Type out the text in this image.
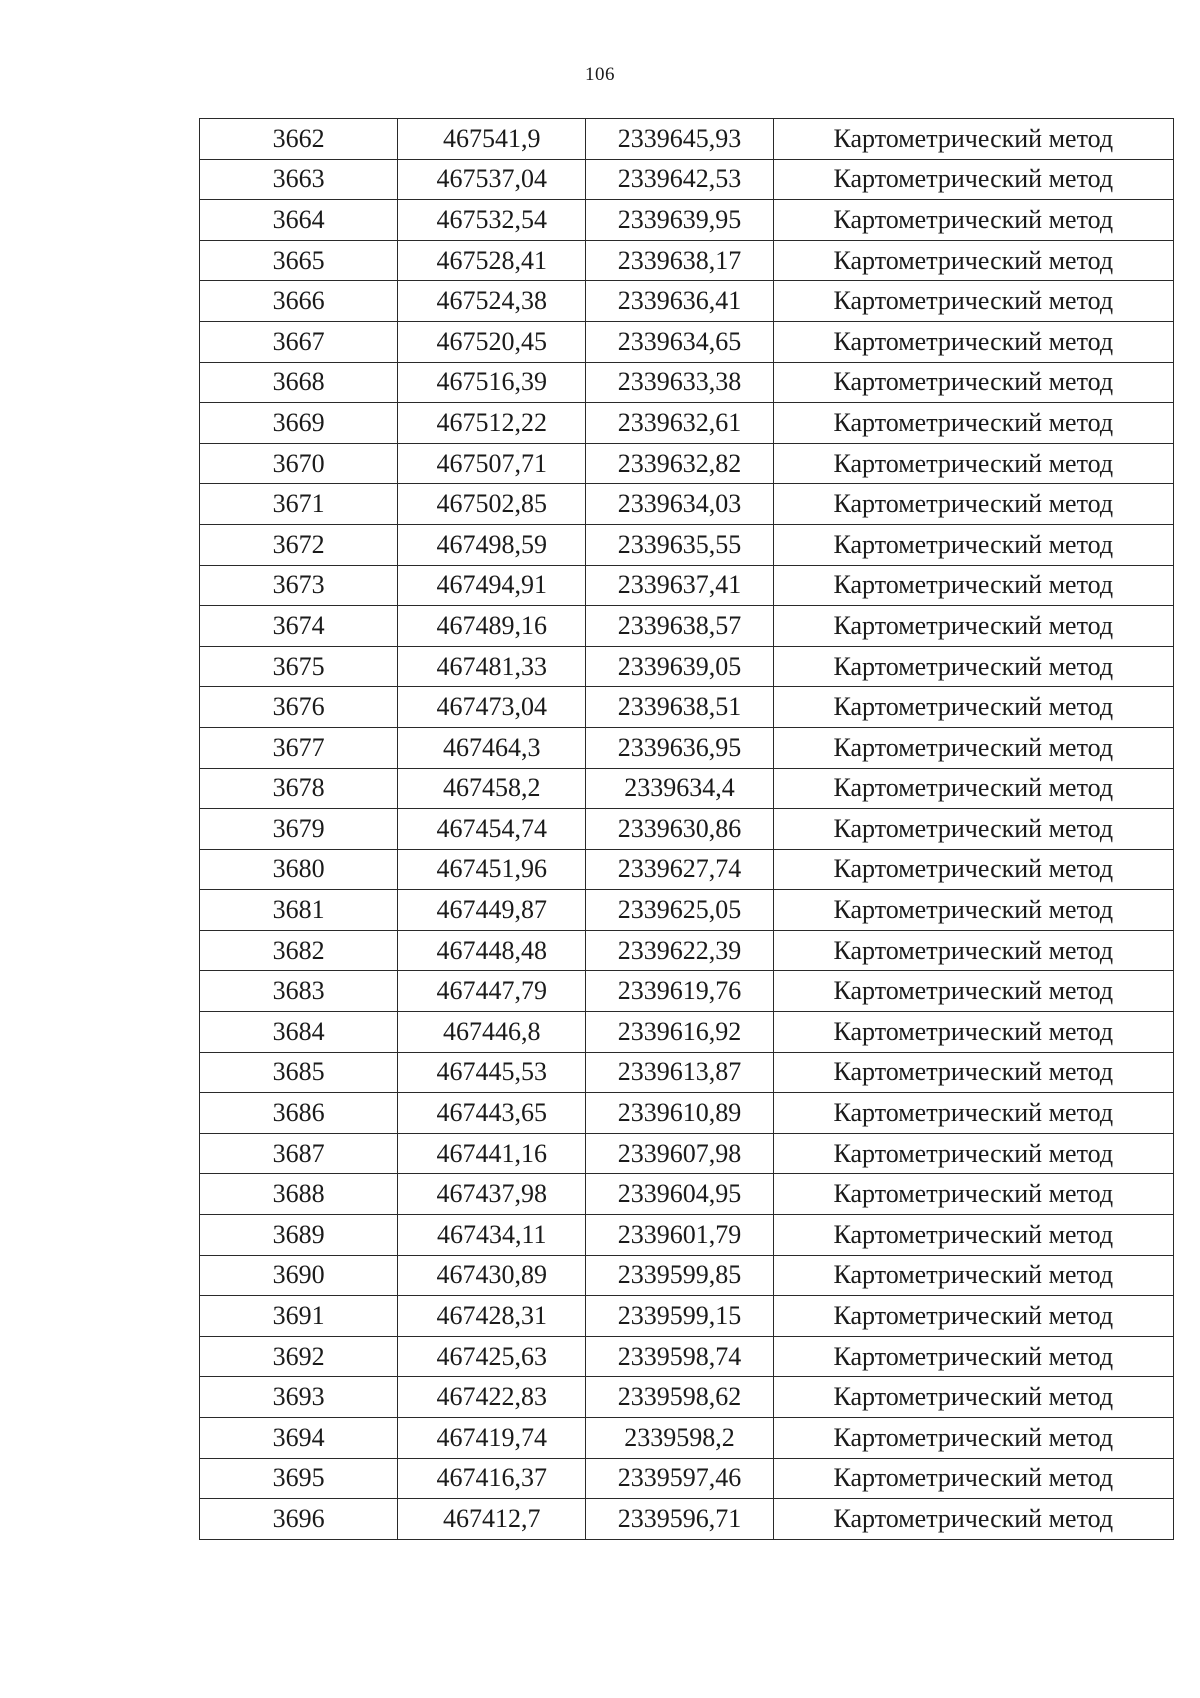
106
3662	467541,9	2339645,93	Картометрический метод
3663	467537,04	2339642,53	Картометрический метод
3664	467532,54	2339639,95	Картометрический метод
3665	467528,41	2339638,17	Картометрический метод
3666	467524,38	2339636,41	Картометрический метод
3667	467520,45	2339634,65	Картометрический метод
3668	467516,39	2339633,38	Картометрический метод
3669	467512,22	2339632,61	Картометрический метод
3670	467507,71	2339632,82	Картометрический метод
3671	467502,85	2339634,03	Картометрический метод
3672	467498,59	2339635,55	Картометрический метод
3673	467494,91	2339637,41	Картометрический метод
3674	467489,16	2339638,57	Картометрический метод
3675	467481,33	2339639,05	Картометрический метод
3676	467473,04	2339638,51	Картометрический метод
3677	467464,3	2339636,95	Картометрический метод
3678	467458,2	2339634,4	Картометрический метод
3679	467454,74	2339630,86	Картометрический метод
3680	467451,96	2339627,74	Картометрический метод
3681	467449,87	2339625,05	Картометрический метод
3682	467448,48	2339622,39	Картометрический метод
3683	467447,79	2339619,76	Картометрический метод
3684	467446,8	2339616,92	Картометрический метод
3685	467445,53	2339613,87	Картометрический метод
3686	467443,65	2339610,89	Картометрический метод
3687	467441,16	2339607,98	Картометрический метод
3688	467437,98	2339604,95	Картометрический метод
3689	467434,11	2339601,79	Картометрический метод
3690	467430,89	2339599,85	Картометрический метод
3691	467428,31	2339599,15	Картометрический метод
3692	467425,63	2339598,74	Картометрический метод
3693	467422,83	2339598,62	Картометрический метод
3694	467419,74	2339598,2	Картометрический метод
3695	467416,37	2339597,46	Картометрический метод
3696	467412,7	2339596,71	Картометрический метод
